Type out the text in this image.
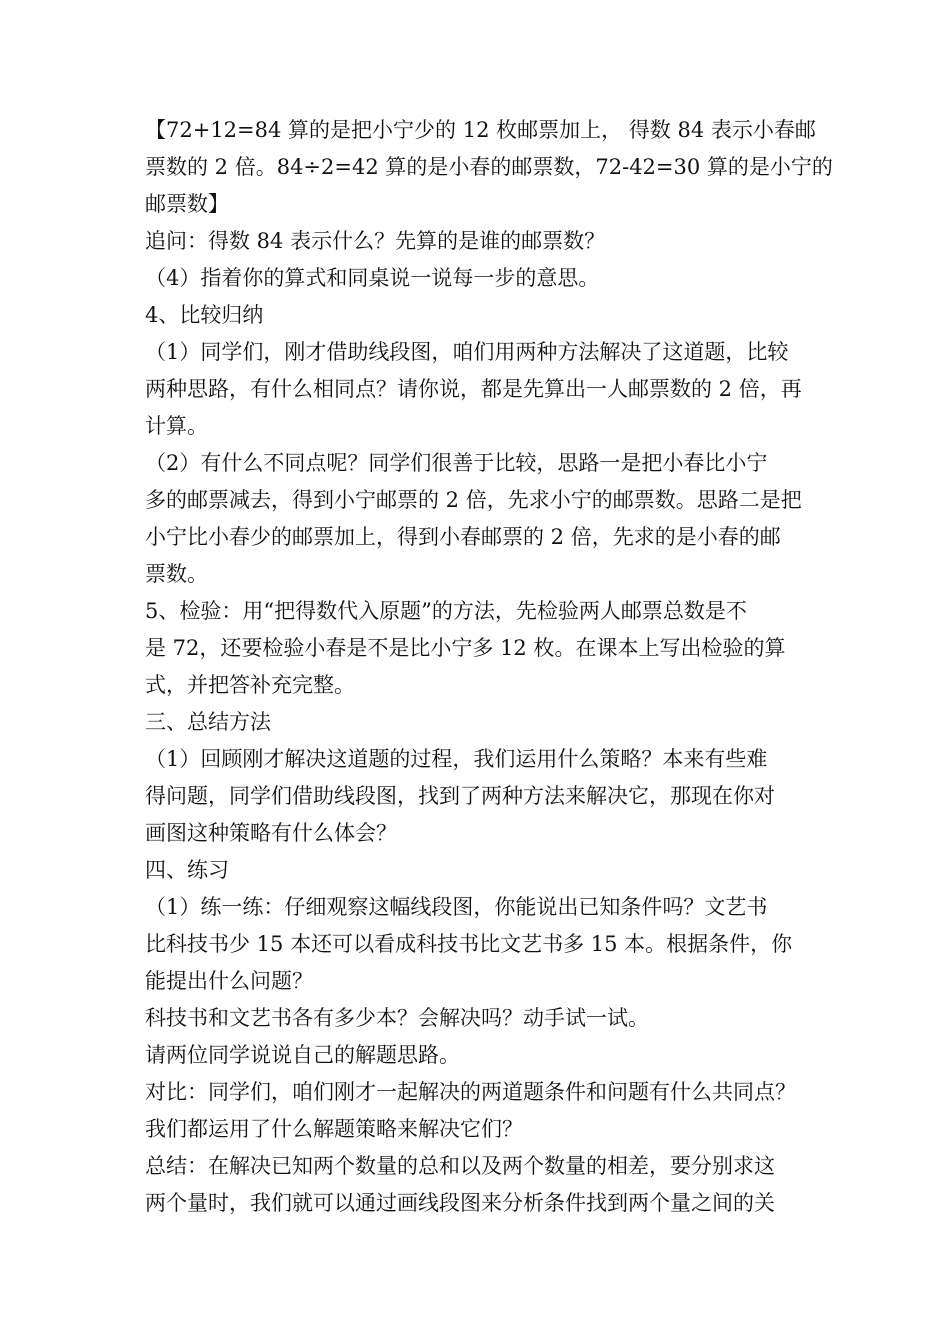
【72+12=84 算的是把小宁少的 12 枚邮票加上， 得数 84 表示小春邮
票数的 2 倍。84÷2=42 算的是小春的邮票数，72-42=30 算的是小宁的
邮票数】
追问：得数 84 表示什么？先算的是谁的邮票数？
（4）指着你的算式和同桌说一说每一步的意思。
4、比较归纳
（1）同学们，刚才借助线段图，咱们用两种方法解决了这道题，比较
两种思路，有什么相同点？请你说，都是先算出一人邮票数的 2 倍，再
计算。
（2）有什么不同点呢？同学们很善于比较，思路一是把小春比小宁
多的邮票减去，得到小宁邮票的 2 倍，先求小宁的邮票数。思路二是把
小宁比小春少的邮票加上，得到小春邮票的 2 倍，先求的是小春的邮
票数。
5、检验：用“把得数代入原题”的方法，先检验两人邮票总数是不
是 72，还要检验小春是不是比小宁多 12 枚。在课本上写出检验的算
式，并把答补充完整。
三、总结方法
（1）回顾刚才解决这道题的过程，我们运用什么策略？本来有些难
得问题，同学们借助线段图，找到了两种方法来解决它，那现在你对
画图这种策略有什么体会？
四、练习
（1）练一练：仔细观察这幅线段图，你能说出已知条件吗？文艺书
比科技书少 15 本还可以看成科技书比文艺书多 15 本。根据条件，你
能提出什么问题？
科技书和文艺书各有多少本？会解决吗？动手试一试。
请两位同学说说自己的解题思路。
对比：同学们，咱们刚才一起解决的两道题条件和问题有什么共同点？
我们都运用了什么解题策略来解决它们？
总结：在解决已知两个数量的总和以及两个数量的相差，要分别求这
两个量时，我们就可以通过画线段图来分析条件找到两个量之间的关
